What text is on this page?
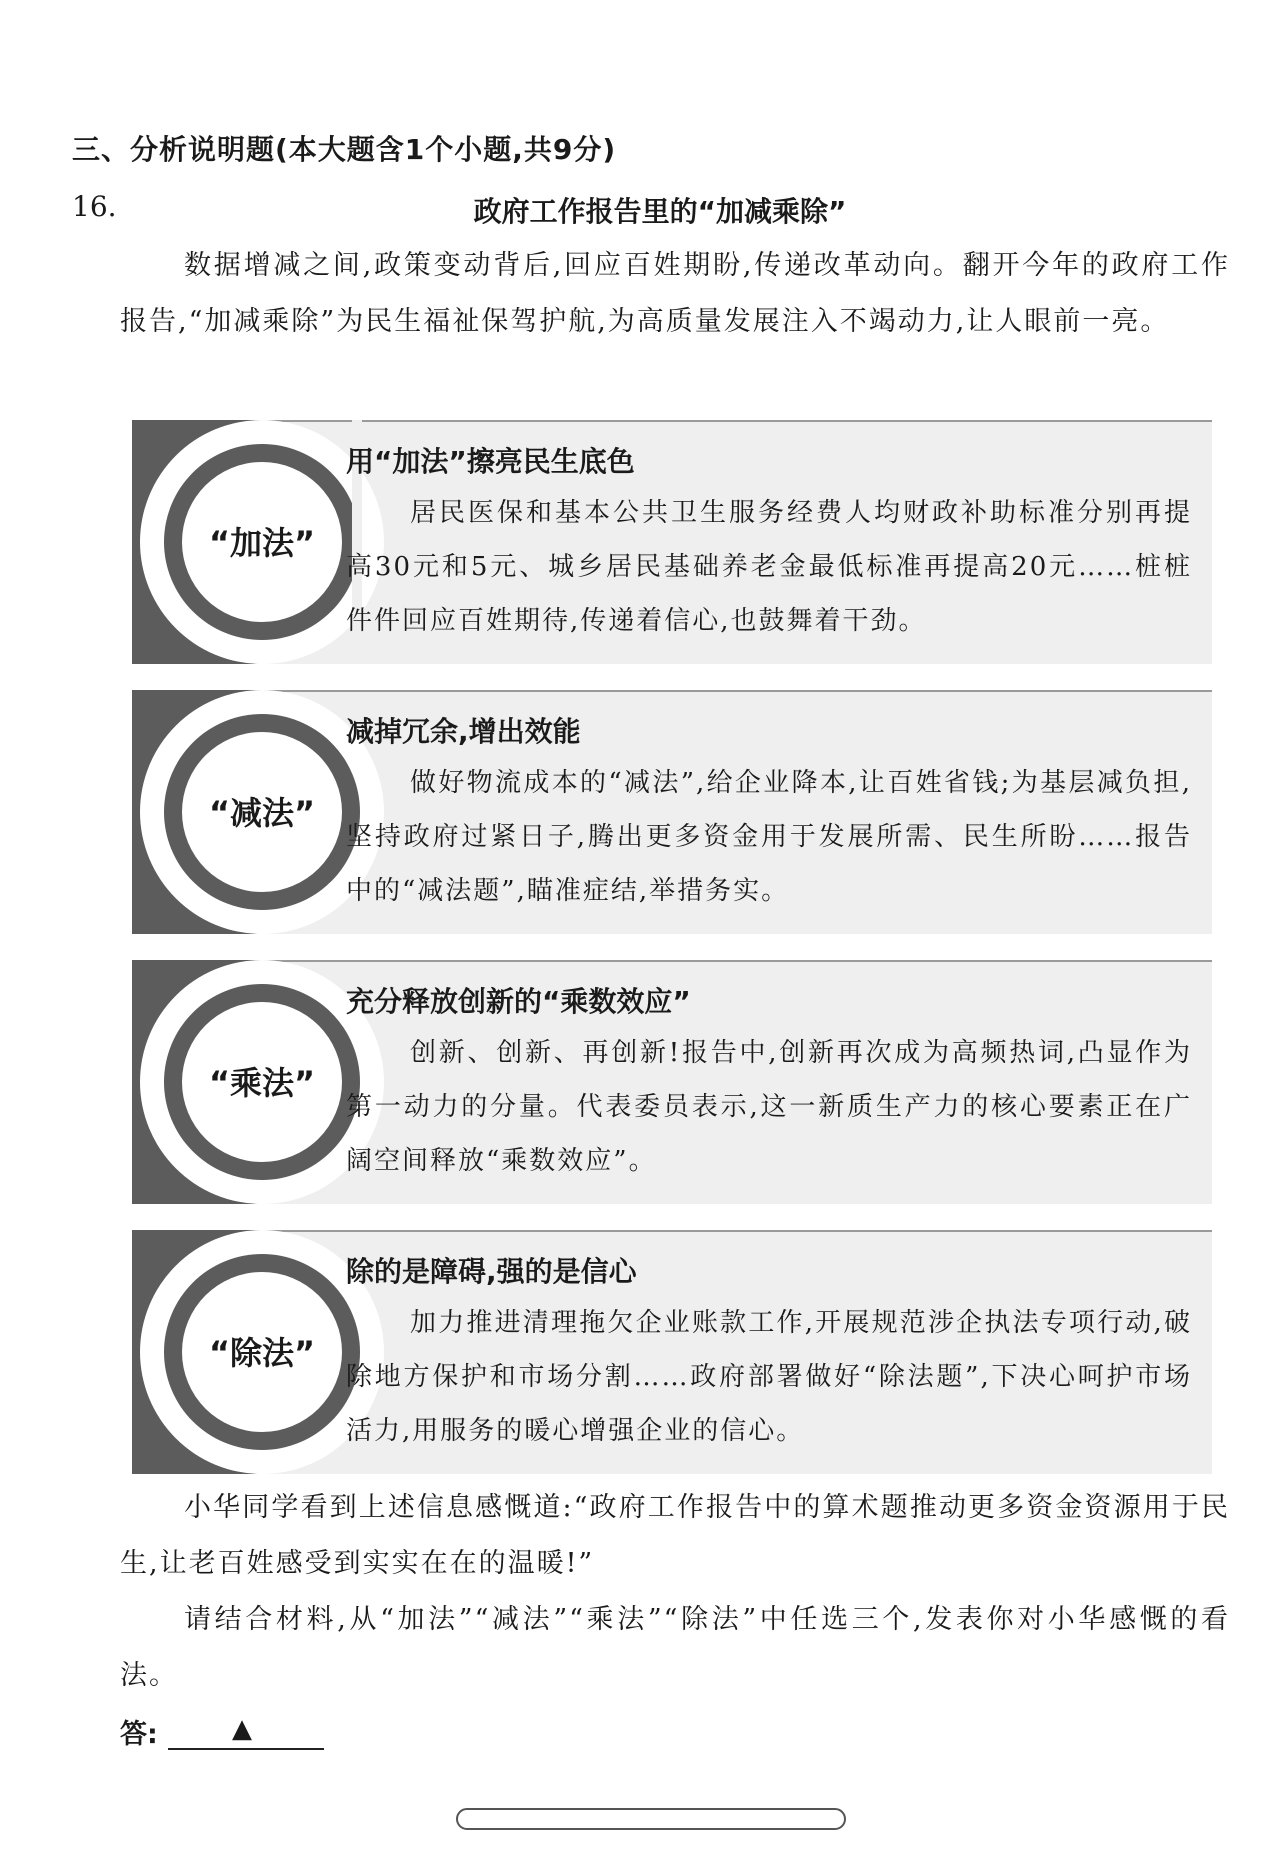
三、分析说明题(本大题含1个小题,共9分)
16.	政府工作报告里的“加减乘除”
数据增减之间,政策变动背后,回应百姓期盼,传递改革动向。翻开今年的政府工作报告,“加减乘除”为民生福祉保驾护航,为高质量发展注入不竭动力,让人眼前一亮。
“加法”
用“加法”擦亮民生底色
居民医保和基本公共卫生服务经费人均财政补助标准分别再提高30元和5元、城乡居民基础养老金最低标准再提高20元……桩桩件件回应百姓期待,传递着信心,也鼓舞着干劲。
“减法”
减掉冗余,增出效能
做好物流成本的“减法”,给企业降本,让百姓省钱;为基层减负担,坚持政府过紧日子,腾出更多资金用于发展所需、民生所盼……报告中的“减法题”,瞄准症结,举措务实。
“乘法”
充分释放创新的“乘数效应”
创新、创新、再创新!报告中,创新再次成为高频热词,凸显作为第一动力的分量。代表委员表示,这一新质生产力的核心要素正在广阔空间释放“乘数效应”。
“除法”
除的是障碍,强的是信心
加力推进清理拖欠企业账款工作,开展规范涉企执法专项行动,破除地方保护和市场分割……政府部署做好“除法题”,下决心呵护市场活力,用服务的暖心增强企业的信心。
小华同学看到上述信息感慨道:“政府工作报告中的算术题推动更多资金资源用于民生,让老百姓感受到实实在在的温暖!”
请结合材料,从“加法”“减法”“乘法”“除法”中任选三个,发表你对小华感慨的看法。
答:	▲
